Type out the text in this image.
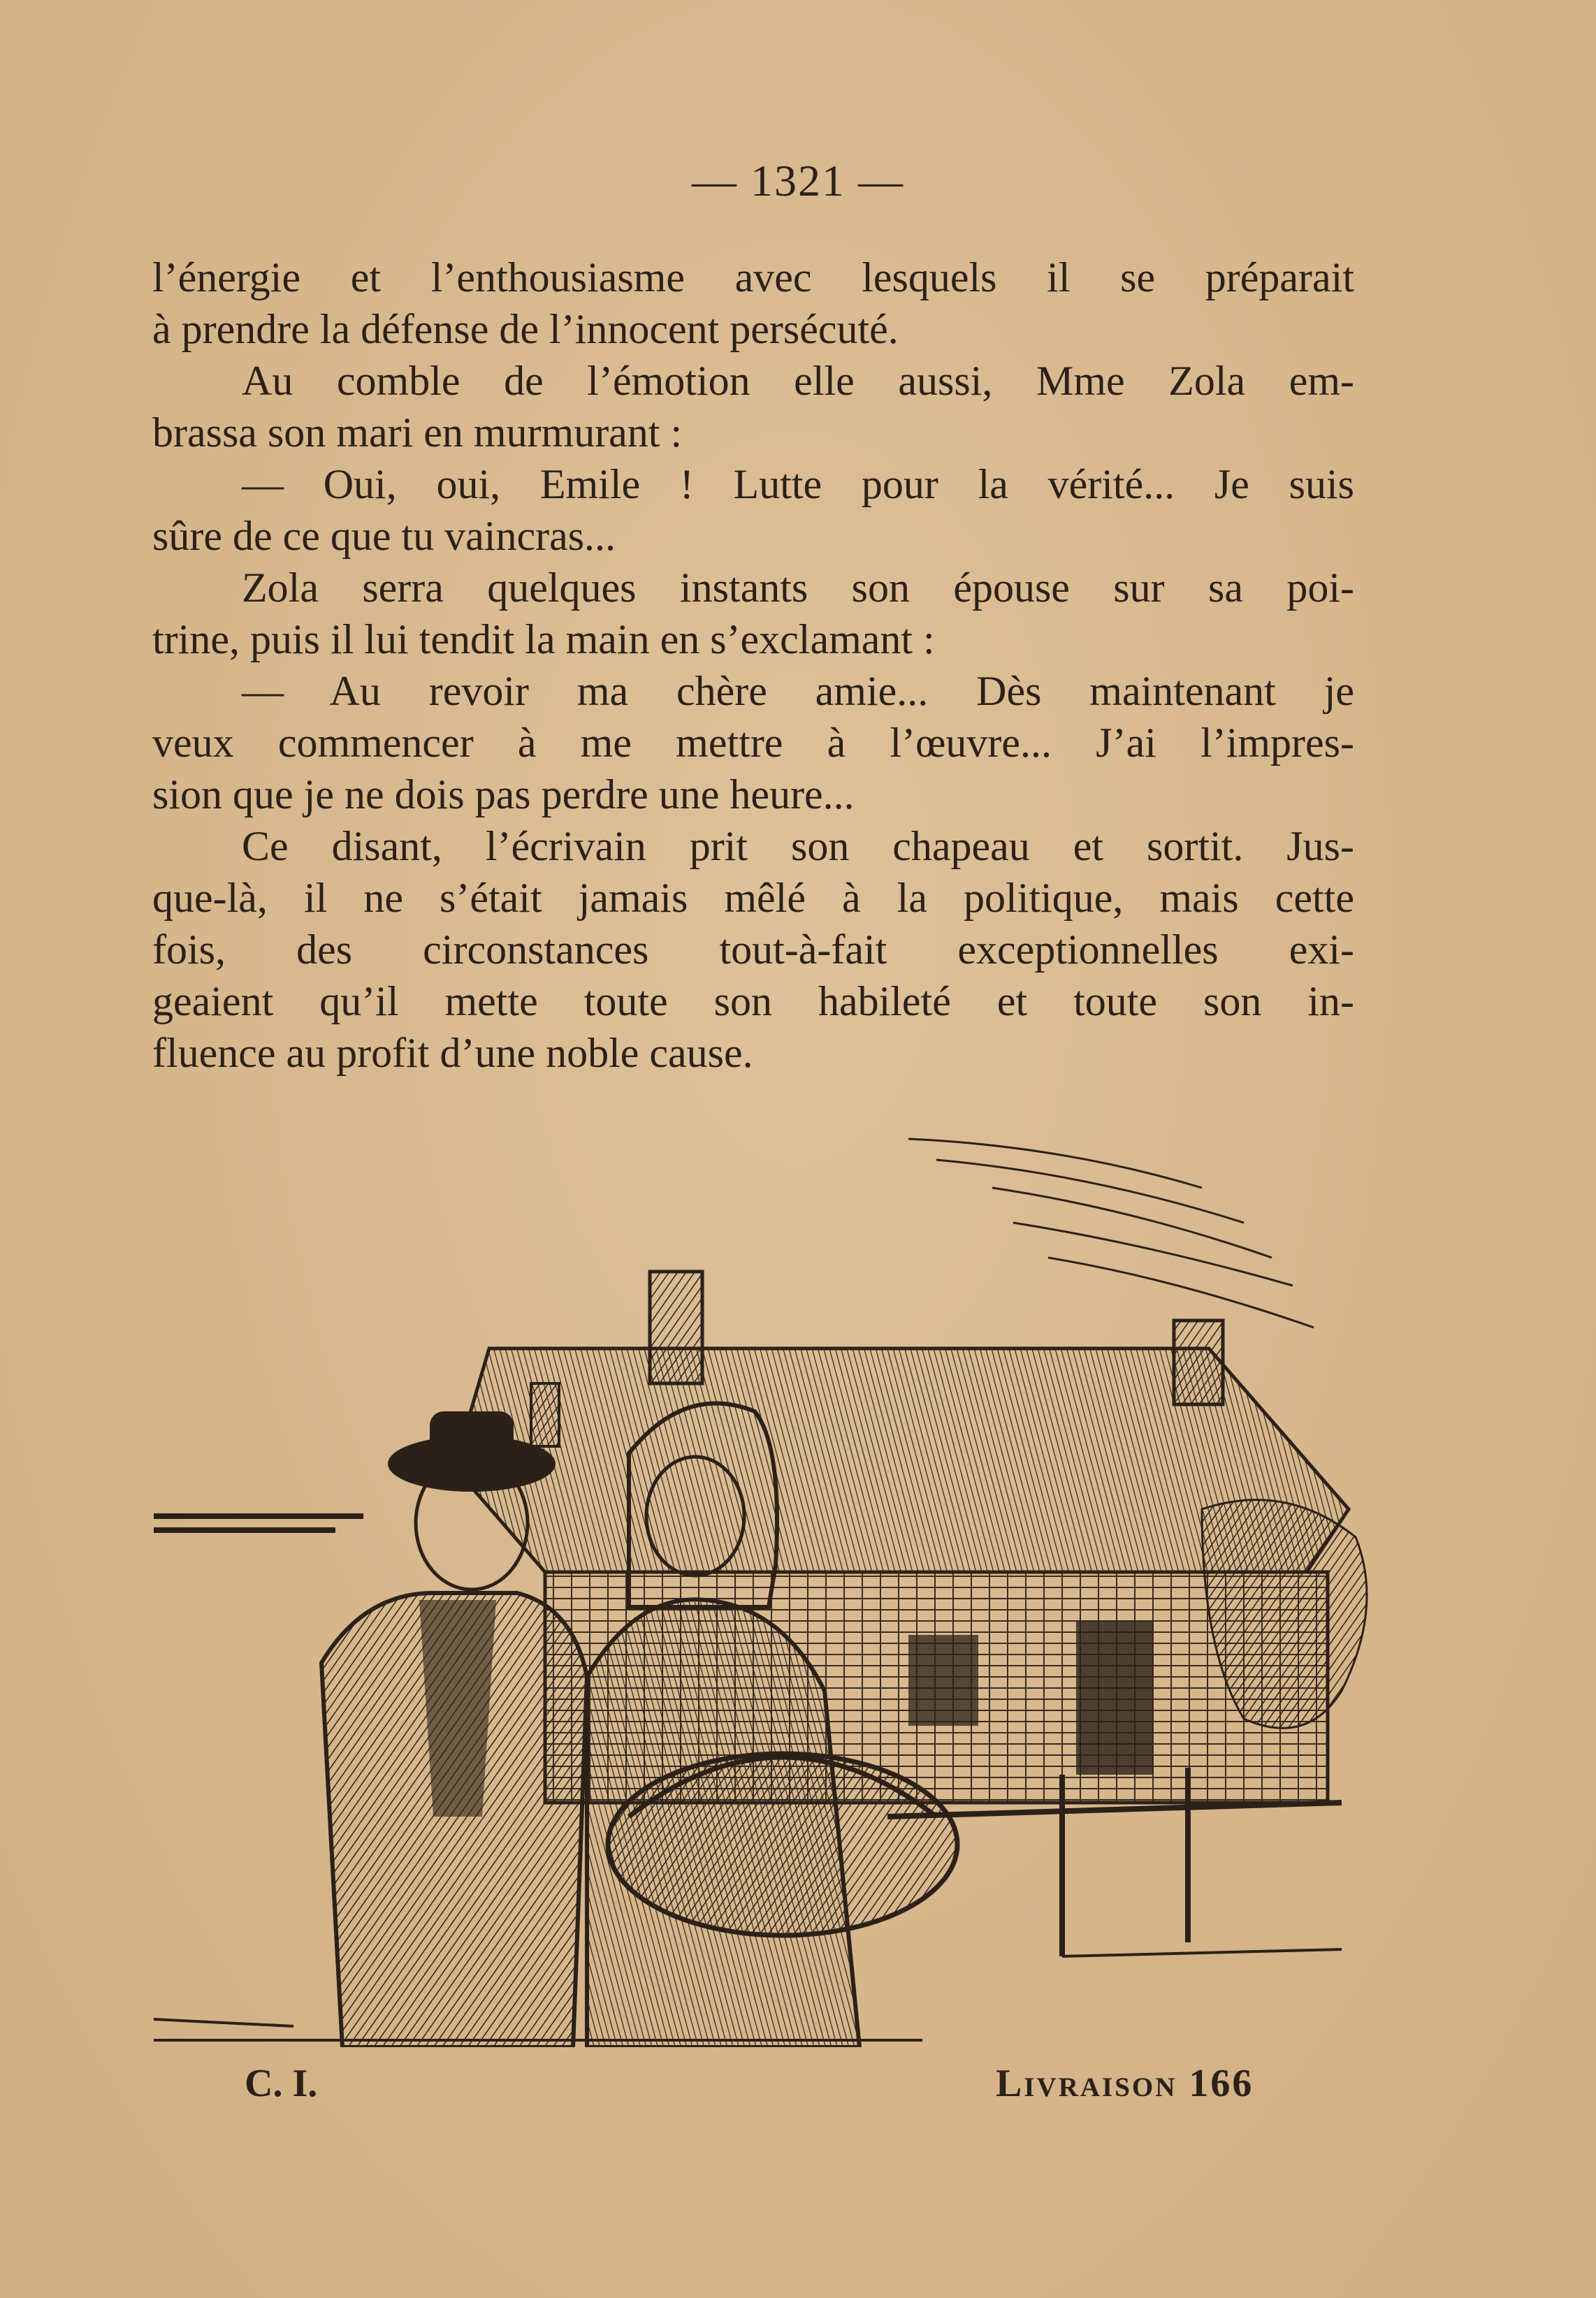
— 1321 —
l’énergie et l’enthousiasme avec lesquels il se préparait
à prendre la défense de l’innocent persécuté.
Au comble de l’émotion elle aussi, Mme Zola em-
brassa son mari en murmurant :
— Oui, oui, Emile ! Lutte pour la vérité... Je suis
sûre de ce que tu vaincras...
Zola serra quelques instants son épouse sur sa poi-
trine, puis il lui tendit la main en s’exclamant :
— Au revoir ma chère amie... Dès maintenant je
veux commencer à me mettre à l’œuvre... J’ai l’impres-
sion que je ne dois pas perdre une heure...
Ce disant, l’écrivain prit son chapeau et sortit. Jus-
que-là, il ne s’était jamais mêlé à la politique, mais cette
fois, des circonstances tout-à-fait exceptionnelles exi-
geaient qu’il mette toute son habileté et toute son in-
fluence au profit d’une noble cause.
C. I.	Livraison 166
